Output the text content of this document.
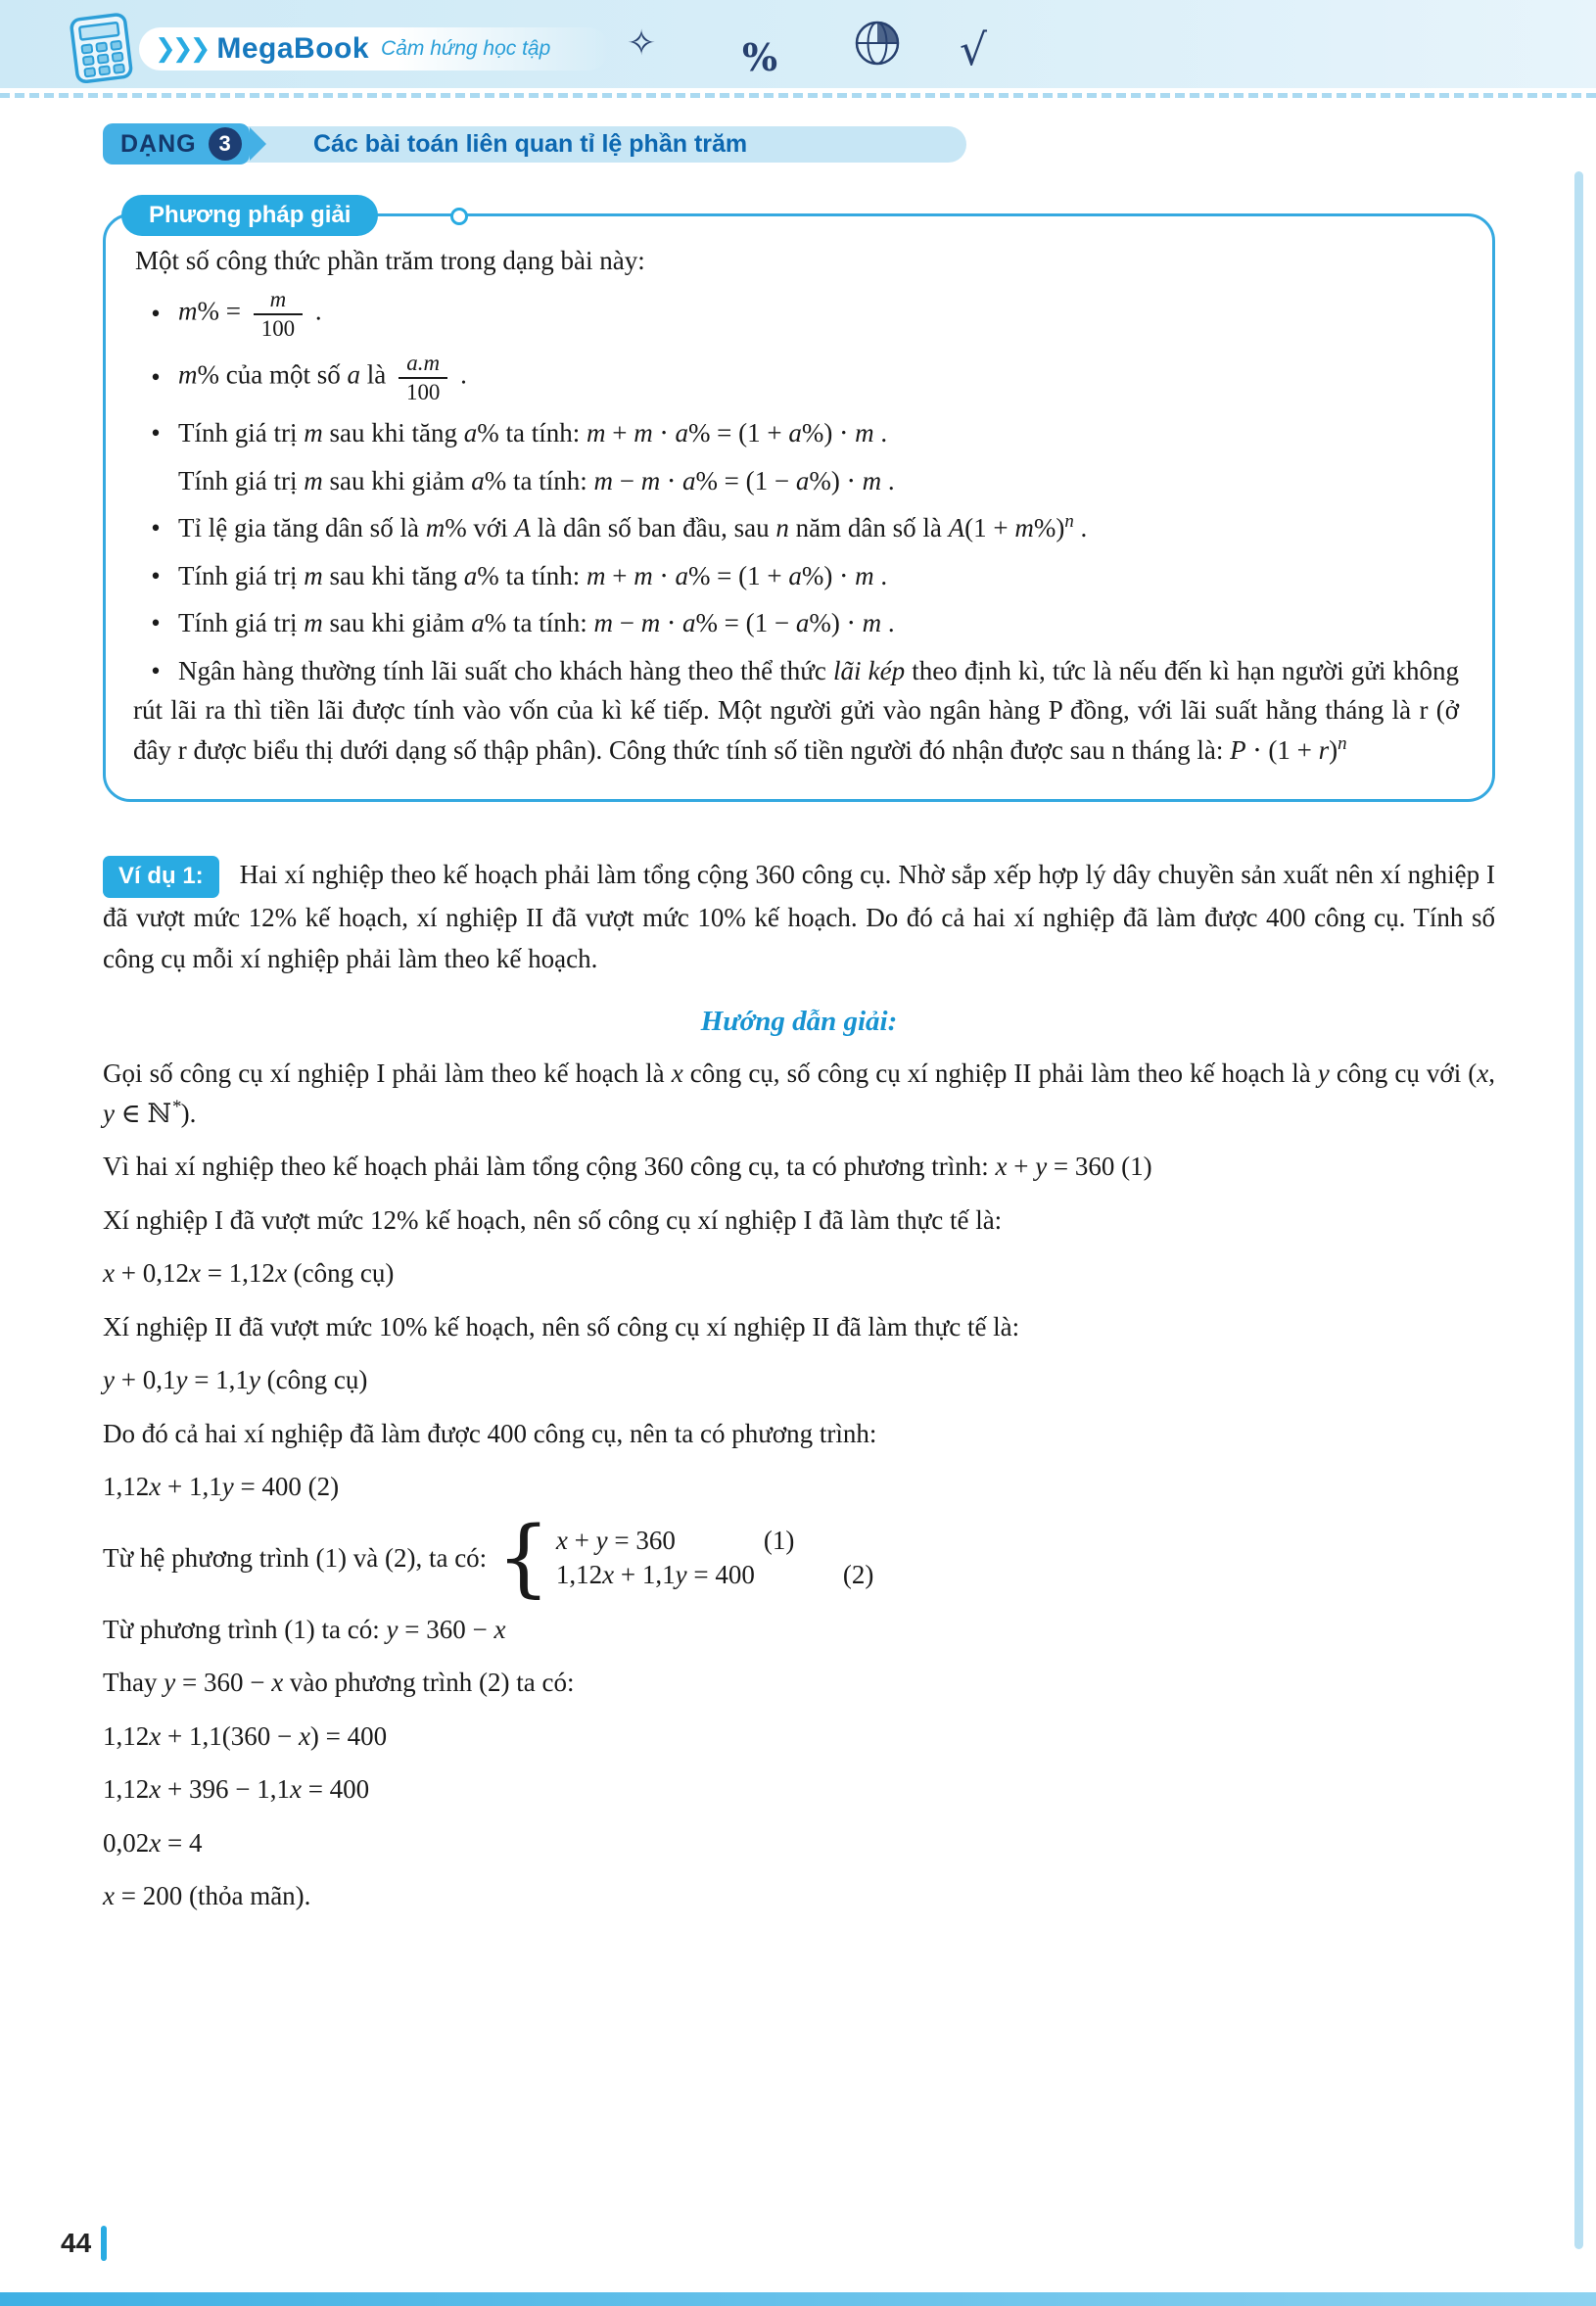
❯❯❯ MegaBook Cảm hứng học tập ✧ %	√
Các bài toán liên quan tỉ lệ phần trăm
DẠNG	3
Phương pháp giải

Một số công thức phần trăm trong dạng bài này:

• $m\% = \frac{m}{100}$ .
• m% của một số a là $\frac{a.m}{100}$ .
• Tính giá trị m sau khi tăng a% ta tính: m + m ⋅ a% = (1 + a%) ⋅ m .
Tính giá trị m sau khi giảm a% ta tính: m − m ⋅ a% = (1 − a%) ⋅ m .
• Tỉ lệ gia tăng dân số là m% với A là dân số ban đầu, sau n năm dân số là $A(1 + m\%)^n$ .
• Tính giá trị m sau khi tăng a% ta tính: m + m ⋅ a% = (1 + a%) ⋅ m .
• Tính giá trị m sau khi giảm a% ta tính: m − m ⋅ a% = (1 − a%) ⋅ m .
• Ngân hàng thường tính lãi suất cho khách hàng theo thể thức lãi kép theo định kì, tức là nếu đến kì hạn người gửi không rút lãi ra thì tiền lãi được tính vào vốn của kì kế tiếp. Một người gửi vào ngân hàng P đồng, với lãi suất hằng tháng là r (ở đây r được biểu thị dưới dạng số thập phân). Công thức tính số tiền người đó nhận được sau n tháng là: $P \cdot (1 + r)^n$

Ví dụ 1: Hai xí nghiệp theo kế hoạch phải làm tổng cộng 360 công cụ. Nhờ sắp xếp hợp lý dây chuyền sản xuất nên xí nghiệp I đã vượt mức 12% kế hoạch, xí nghiệp II đã vượt mức 10% kế hoạch. Do đó cả hai xí nghiệp đã làm được 400 công cụ. Tính số công cụ mỗi xí nghiệp phải làm theo kế hoạch.

Hướng dẫn giải:
Gọi số công cụ xí nghiệp I phải làm theo kế hoạch là x công cụ, số công cụ xí nghiệp II phải làm theo kế hoạch là y công cụ với (x, y ∈ ℕ*).
Vì hai xí nghiệp theo kế hoạch phải làm tổng cộng 360 công cụ, ta có phương trình: x + y = 360 (1)
Xí nghiệp I đã vượt mức 12% kế hoạch, nên số công cụ xí nghiệp I đã làm thực tế là:
x + 0,12x = 1,12x (công cụ)
Xí nghiệp II đã vượt mức 10% kế hoạch, nên số công cụ xí nghiệp II đã làm thực tế là:
y + 0,1y = 1,1y (công cụ)
Do đó cả hai xí nghiệp đã làm được 400 công cụ, nên ta có phương trình:
1,12x + 1,1y = 400 (2)
Từ hệ phương trình (1) và (2), ta có: { x + y = 360	(1)
1,12x + 1,1y = 400	(2)
Từ phương trình (1) ta có: y = 360 − x
Thay y = 360 − x vào phương trình (2) ta có:
1,12x + 1,1(360 − x) = 400
1,12x + 396 − 1,1x = 400
0,02x = 4
x = 200 (thỏa mãn).
44
